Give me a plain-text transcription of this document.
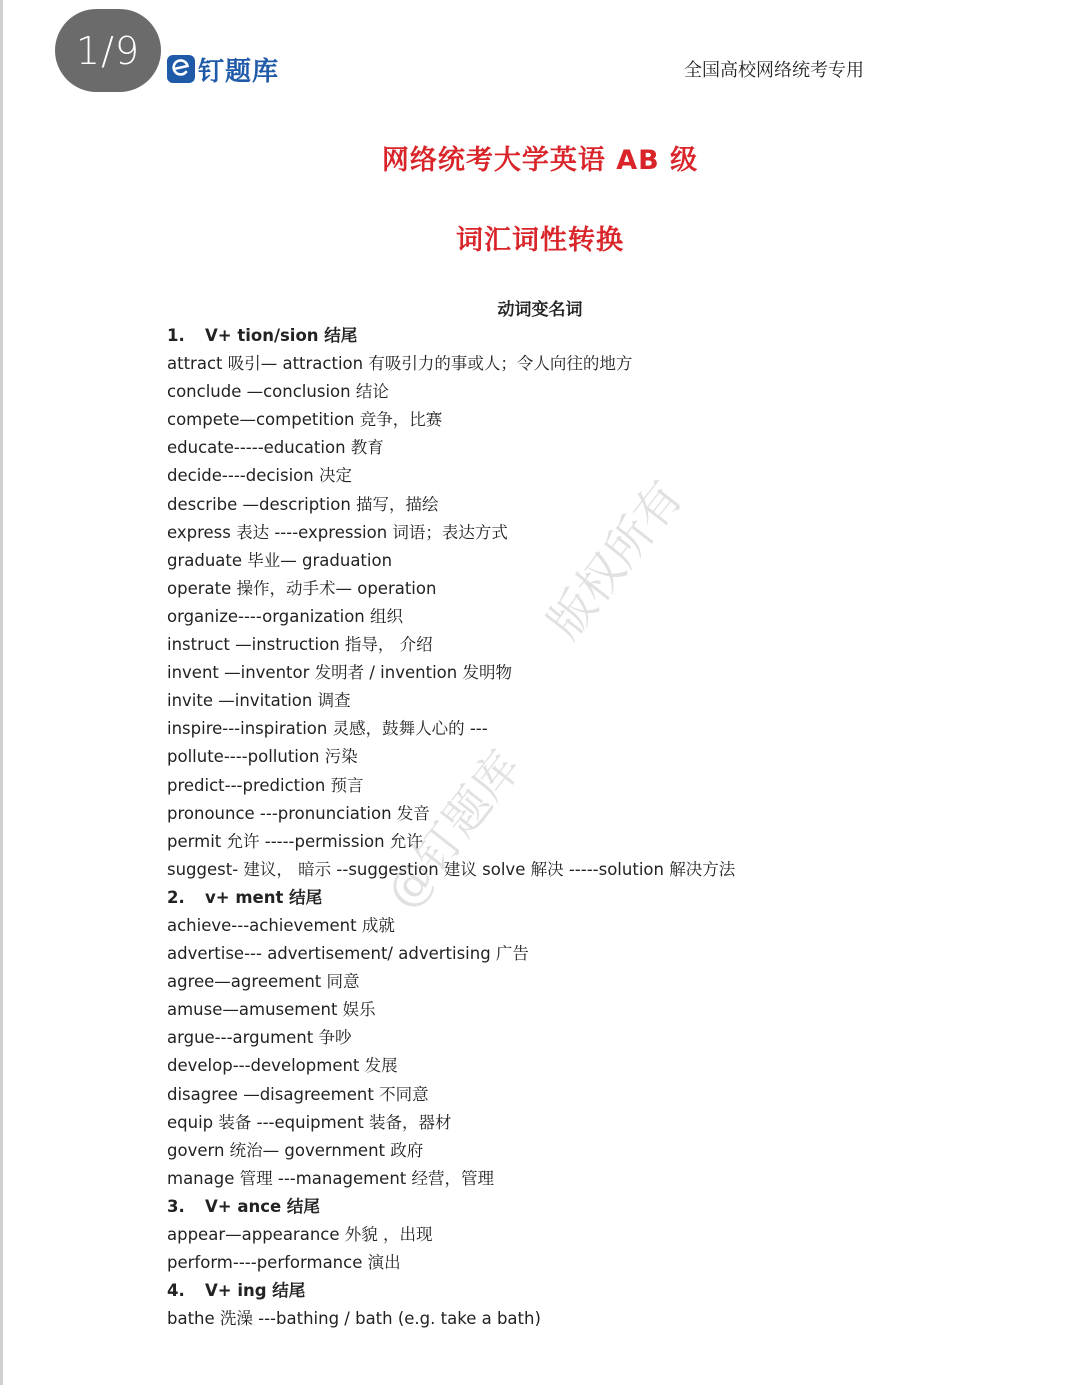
1/9	钉题库	全国高校网络统考专用
网络统考大学英语 AB 级
词汇词性转换
动词变名词
1. V+ tion/sion 结尾
attract 吸引— attraction 有吸引力的事或人；令人向往的地方
conclude —conclusion 结论
compete—competition 竞争，比赛
educate-----education 教育
decide----decision 决定
describe —description 描写，描绘
express 表达 ----expression 词语；表达方式
graduate 毕业— graduation
operate 操作，动手术— operation
organize----organization 组织
instruct —instruction 指导， 介绍
invent —inventor 发明者 / invention 发明物
invite —invitation 调查
inspire---inspiration 灵感，鼓舞人心的 ---
pollute----pollution 污染
predict---prediction 预言
pronounce ---pronunciation 发音
permit 允许 -----permission 允许
suggest- 建议， 暗示 --suggestion 建议 solve 解决 -----solution 解决方法
2. v+ ment 结尾
achieve---achievement 成就
advertise--- advertisement/ advertising 广告
agree—agreement 同意
amuse—amusement 娱乐
argue---argument 争吵
develop---development 发展
disagree —disagreement 不同意
equip 装备 ---equipment 装备，器材
govern 统治— government 政府
manage 管理 ---management 经营，管理
3. V+ ance 结尾
appear—appearance 外貌 ，出现
perform----performance 演出
4. V+ ing 结尾
bathe 洗澡 ---bathing / bath (e.g. take a bath)
版权所有
@钉题库
